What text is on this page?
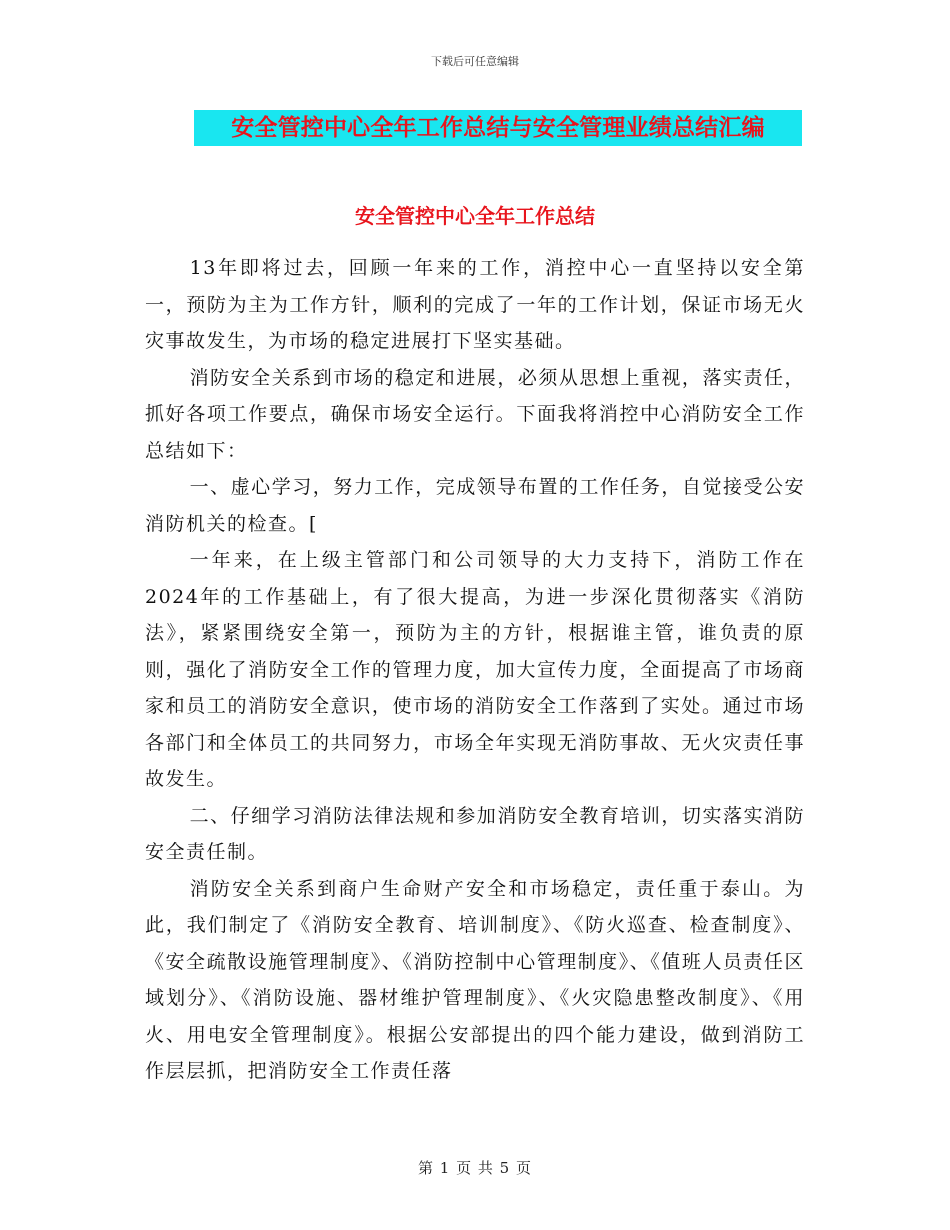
下载后可任意编辑
安全管控中心全年工作总结与安全管理业绩总结汇编
安全管控中心全年工作总结

13年即将过去，回顾一年来的工作，消控中心一直坚持以安全第一，预防为主为工作方针，顺利的完成了一年的工作计划，保证市场无火灾事故发生，为市场的稳定进展打下坚实基础。

消防安全关系到市场的稳定和进展，必须从思想上重视，落实责任，抓好各项工作要点，确保市场安全运行。下面我将消控中心消防安全工作总结如下：

一、虚心学习，努力工作，完成领导布置的工作任务，自觉接受公安消防机关的检查。[

一年来，在上级主管部门和公司领导的大力支持下，消防工作在2024年的工作基础上，有了很大提高，为进一步深化贯彻落实《消防法》，紧紧围绕安全第一，预防为主的方针，根据谁主管，谁负责的原则，强化了消防安全工作的管理力度，加大宣传力度，全面提高了市场商家和员工的消防安全意识，使市场的消防安全工作落到了实处。通过市场各部门和全体员工的共同努力，市场全年实现无消防事故、无火灾责任事故发生。

二、仔细学习消防法律法规和参加消防安全教育培训，切实落实消防安全责任制。

消防安全关系到商户生命财产安全和市场稳定，责任重于泰山。为此，我们制定了《消防安全教育、培训制度》、《防火巡查、检查制度》、《安全疏散设施管理制度》、《消防控制中心管理制度》、《值班人员责任区域划分》、《消防设施、器材维护管理制度》、《火灾隐患整改制度》、《用火、用电安全管理制度》。根据公安部提出的四个能力建设，做到消防工作层层抓，把消防安全工作责任落

第 1 页 共 5 页
